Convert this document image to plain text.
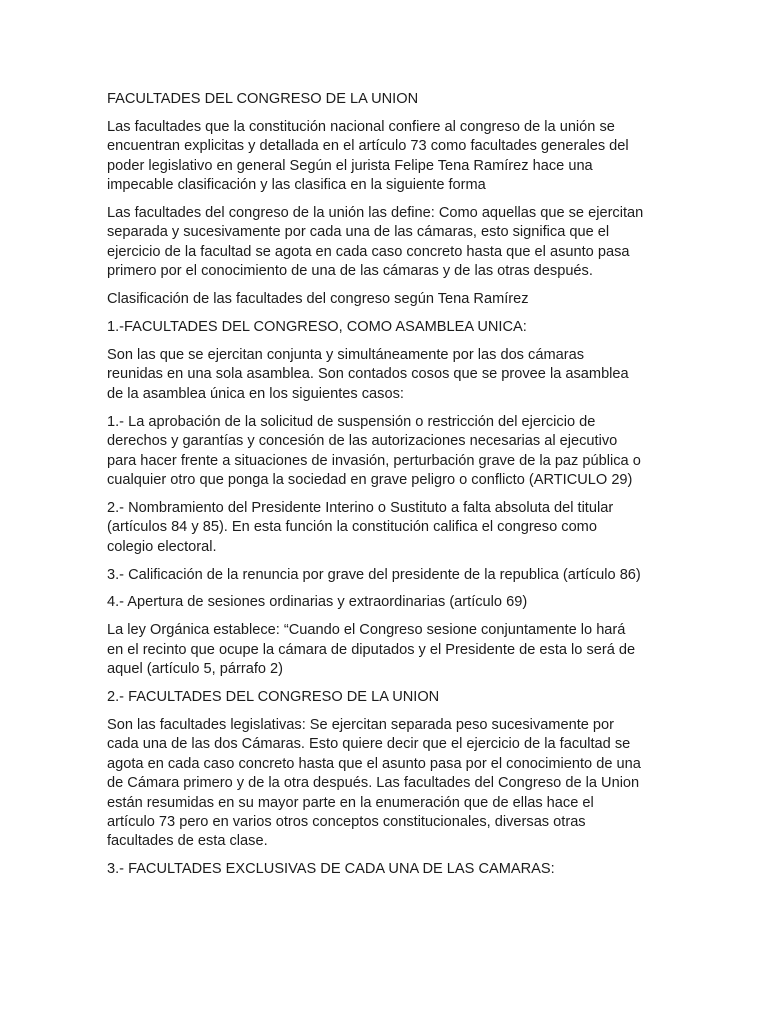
FACULTADES DEL CONGRESO DE LA UNION

Las facultades que la constitución nacional confiere al congreso de la unión se
encuentran explicitas y detallada en el artículo 73 como facultades generales del
poder legislativo en general Según el jurista Felipe Tena Ramírez hace una
impecable clasificación y las clasifica en la siguiente forma

Las facultades del congreso de la unión las define: Como aquellas que se ejercitan
separada y sucesivamente por cada una de las cámaras, esto significa que el
ejercicio de la facultad se agota en cada caso concreto hasta que el asunto pasa
primero por el conocimiento de una de las cámaras y de las otras después.

Clasificación de las facultades del congreso según Tena Ramírez

1.-FACULTADES DEL CONGRESO, COMO ASAMBLEA UNICA:

Son las que se ejercitan conjunta y simultáneamente por las dos cámaras
reunidas en una sola asamblea. Son contados cosos que se provee la asamblea
de la asamblea única en los siguientes casos:

1.- La aprobación de la solicitud de suspensión o restricción del ejercicio de
derechos y garantías y concesión de las autorizaciones necesarias al ejecutivo
para hacer frente a situaciones de invasión, perturbación grave de la paz pública o
cualquier otro que ponga la sociedad en grave peligro o conflicto (ARTICULO 29)

2.- Nombramiento del Presidente Interino o Sustituto a falta absoluta del titular
(artículos 84 y 85). En esta función la constitución califica el congreso como
colegio electoral.

3.- Calificación de la renuncia por grave del presidente de la republica (artículo 86)

4.- Apertura de sesiones ordinarias y extraordinarias (artículo 69)

La ley Orgánica establece: “Cuando el Congreso sesione conjuntamente lo hará
en el recinto que ocupe la cámara de diputados y el Presidente de esta lo será de
aquel (artículo 5, párrafo 2)

2.- FACULTADES DEL CONGRESO DE LA UNION

Son las facultades legislativas: Se ejercitan separada peso sucesivamente por
cada una de las dos Cámaras. Esto quiere decir que el ejercicio de la facultad se
agota en cada caso concreto hasta que el asunto pasa por el conocimiento de una
de Cámara primero y de la otra después. Las facultades del Congreso de la Union
están resumidas en su mayor parte en la enumeración que de ellas hace el
artículo 73 pero en varios otros conceptos constitucionales, diversas otras
facultades de esta clase.

3.- FACULTADES EXCLUSIVAS DE CADA UNA DE LAS CAMARAS:
